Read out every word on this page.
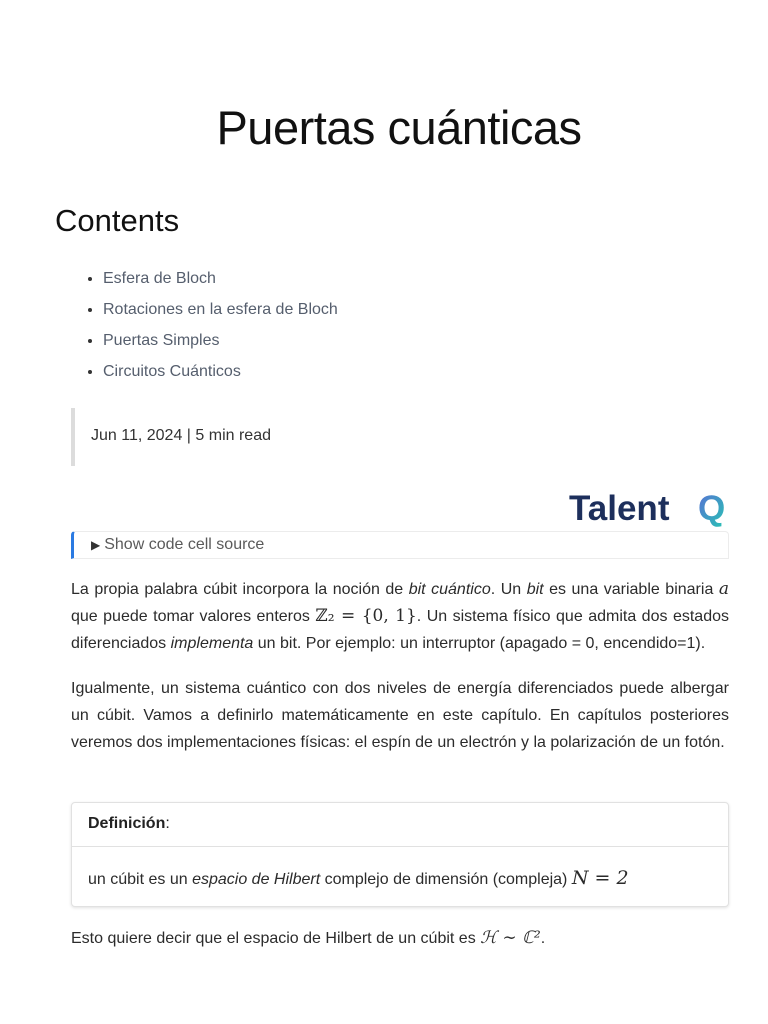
Puertas cuánticas
Contents
• Esfera de Bloch
• Rotaciones en la esfera de Bloch
• Puertas Simples
• Circuitos Cuánticos
Jun 11, 2024 | 5 min read
Talent Q
▶ Show code cell source

La propia palabra cúbit incorpora la noción de bit cuántico. Un bit es una variable binaria a que puede tomar valores enteros ℤ₂ = {0, 1}. Un sistema físico que admita dos estados diferenciados implementa un bit. Por ejemplo: un interruptor (apagado = 0, encendido=1).

Igualmente, un sistema cuántico con dos niveles de energía diferenciados puede albergar un cúbit. Vamos a definirlo matemáticamente en este capítulo. En capítulos posteriores veremos dos implementaciones físicas: el espín de un electrón y la polarización de un fotón.

Definición:
un cúbit es un espacio de Hilbert complejo de dimensión (compleja) N = 2

Esto quiere decir que el espacio de Hilbert de un cúbit es ℋ ∼ ℂ².
